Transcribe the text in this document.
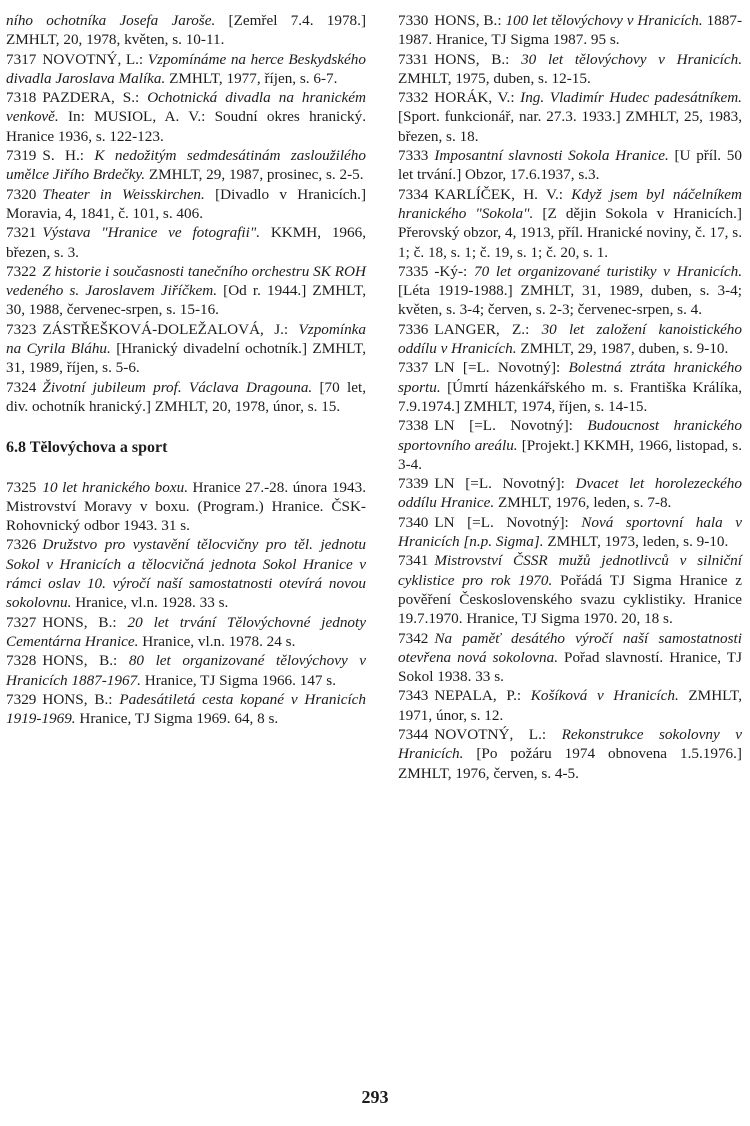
ního ochotníka Josefa Jaroše. [Zemřel 7.4. 1978.] ZMHLT, 20, 1978, květen, s. 10-11.
7317 NOVOTNÝ, L.: Vzpomínáme na herce Beskydského divadla Jaroslava Malíka. ZMHLT, 1977, říjen, s. 6-7.
7318 PAZDERA, S.: Ochotnická divadla na hranickém venkově. In: MUSIOL, A. V.: Soudní okres hranický. Hranice 1936, s. 122-123.
7319 S. H.: K nedožitým sedmdesátinám zasloužilého umělce Jiřího Brdečky. ZMHLT, 29, 1987, prosinec, s. 2-5.
7320 Theater in Weisskirchen. [Divadlo v Hranicích.] Moravia, 4, 1841, č. 101, s. 406.
7321 Výstava "Hranice ve fotografii". KKMH, 1966, březen, s. 3.
7322 Z historie i současnosti tanečního orchestru SK ROH vedeného s. Jaroslavem Jiříčkem. [Od r. 1944.] ZMHLT, 30, 1988, červenec-srpen, s. 15-16.
7323 ZÁSTŘEŠKOVÁ-DOLEŽALOVÁ, J.: Vzpomínka na Cyrila Bláhu. [Hranický divadelní ochotník.] ZMHLT, 31, 1989, říjen, s. 5-6.
7324 Životní jubileum prof. Václava Dragouna. [70 let, div. ochotník hranický.] ZMHLT, 20, 1978, únor, s. 15.
6.8 Tělovýchova a sport
7325 10 let hranického boxu. Hranice 27.-28. února 1943. Mistrovství Moravy v boxu. (Program.) Hranice. ČSK-Rohovnický odbor 1943. 31 s.
7326 Družstvo pro vystavění tělocvičny pro těl. jednotu Sokol v Hranicích a tělocvičná jednota Sokol Hranice v rámci oslav 10. výročí naší samostatnosti otevírá novou sokolovnu. Hranice, vl.n. 1928. 33 s.
7327 HONS, B.: 20 let trvání Tělovýchovné jednoty Cementárna Hranice. Hranice, vl.n. 1978. 24 s.
7328 HONS, B.: 80 let organizované tělovýchovy v Hranicích 1887-1967. Hranice, TJ Sigma 1966. 147 s.
7329 HONS, B.: Padesátiletá cesta kopané v Hranicích 1919-1969. Hranice, TJ Sigma 1969. 64, 8 s.
7330 HONS, B.: 100 let tělovýchovy v Hranicích. 1887-1987. Hranice, TJ Sigma 1987. 95 s.
7331 HONS, B.: 30 let tělovýchovy v Hranicích. ZMHLT, 1975, duben, s. 12-15.
7332 HORÁK, V.: Ing. Vladimír Hudec padesátníkem. [Sport. funkcionář, nar. 27.3. 1933.] ZMHLT, 25, 1983, březen, s. 18.
7333 Imposantní slavnosti Sokola Hranice. [U příl. 50 let trvání.] Obzor, 17.6.1937, s.3.
7334 KARLÍČEK, H. V.: Když jsem byl náčelníkem hranického "Sokola". [Z dějin Sokola v Hranicích.] Přerovský obzor, 4, 1913, příl. Hranické noviny, č. 17, s. 1; č. 18, s. 1; č. 19, s. 1; č. 20, s. 1.
7335 -Ký-: 70 let organizované turistiky v Hranicích. [Léta 1919-1988.] ZMHLT, 31, 1989, duben, s. 3-4; květen, s. 3-4; červen, s. 2-3; červenec-srpen, s. 4.
7336 LANGER, Z.: 30 let založení kanoistického oddílu v Hranicích. ZMHLT, 29, 1987, duben, s. 9-10.
7337 LN [=L. Novotný]: Bolestná ztráta hranického sportu. [Úmrtí házenkářského m. s. Františka Králíka, 7.9.1974.] ZMHLT, 1974, říjen, s. 14-15.
7338 LN [=L. Novotný]: Budoucnost hranického sportovního areálu. [Projekt.] KKMH, 1966, listopad, s. 3-4.
7339 LN [=L. Novotný]: Dvacet let horolezeckého oddílu Hranice. ZMHLT, 1976, leden, s. 7-8.
7340 LN [=L. Novotný]: Nová sportovní hala v Hranicích [n.p. Sigma]. ZMHLT, 1973, leden, s. 9-10.
7341 Mistrovství ČSSR mužů jednotlivců v silniční cyklistice pro rok 1970. Pořádá TJ Sigma Hranice z pověření Československého svazu cyklistiky. Hranice 19.7.1970. Hranice, TJ Sigma 1970. 20, 18 s.
7342 Na paměť desátého výročí naší samostatnosti otevřena nová sokolovna. Pořad slavností. Hranice, TJ Sokol 1938. 33 s.
7343 NEPALA, P.: Košíková v Hranicích. ZMHLT, 1971, únor, s. 12.
7344 NOVOTNÝ, L.: Rekonstrukce sokolovny v Hranicích. [Po požáru 1974 obnovena 1.5.1976.] ZMHLT, 1976, červen, s. 4-5.
293
